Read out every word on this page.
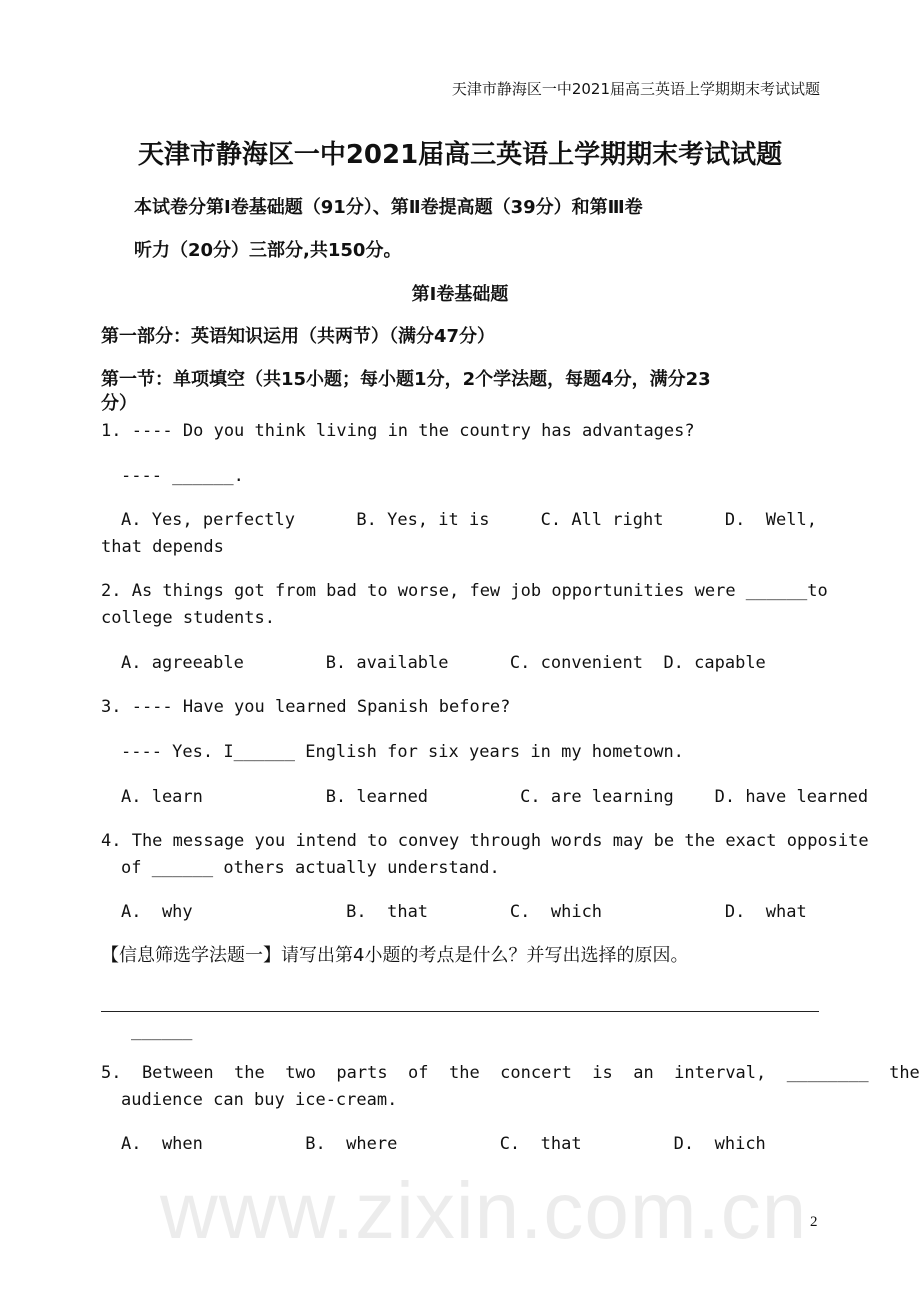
天津市静海区一中2021届高三英语上学期期末考试试题
天津市静海区一中2021届高三英语上学期期末考试试题
本试卷分第Ⅰ卷基础题（91分）、第Ⅱ卷提高题（39分）和第Ⅲ卷
听力（20分）三部分,共150分。
第Ⅰ卷基础题
第一部分：英语知识运用（共两节）（满分47分）
第一节：单项填空（共15小题；每小题1分，2个学法题，每题4分，满分23
分）
1. ---- Do you think living in the country has advantages?
---- ______.
A. Yes, perfectly      B. Yes, it is     C. All right      D.  Well,
that depends
2. As things got from bad to worse, few job opportunities were ______to
college students.
A. agreeable        B. available      C. convenient  D. capable
3. ---- Have you learned Spanish before?
---- Yes. I______ English for six years in my hometown.
A. learn            B. learned         C. are learning    D. have learned
4. The message you intend to convey through words may be the exact opposite
of ______ others actually understand.
A.  why               B.  that        C.  which            D.  what
【信息筛选学法题一】请写出第4小题的考点是什么？并写出选择的原因。
______
5.  Between  the  two  parts  of  the  concert  is  an  interval,  ________  the
audience can buy ice-cream.
A.  when          B.  where          C.  that         D.  which
www.zixin.com.cn 2
